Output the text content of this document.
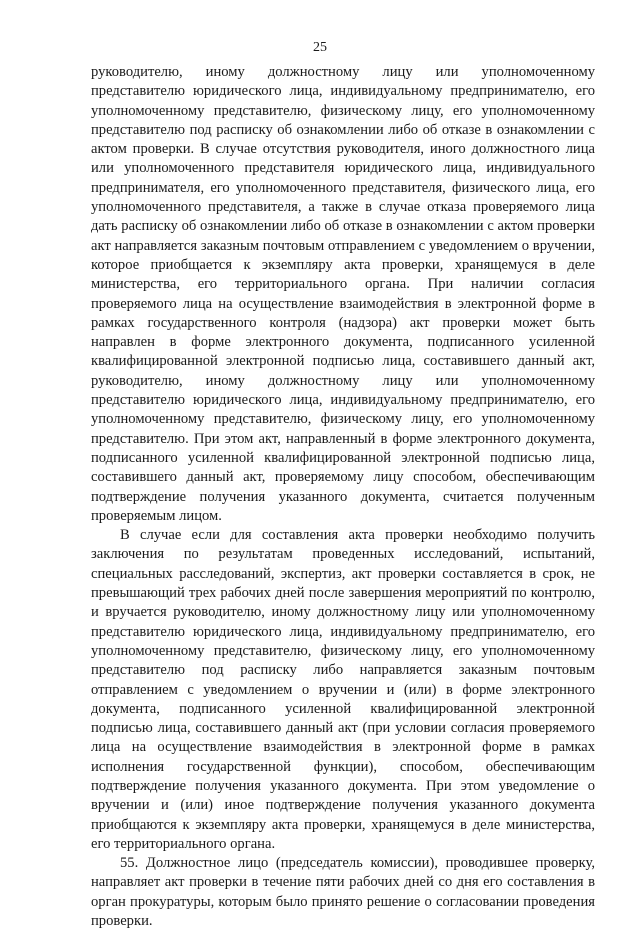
25

руководителю, иному должностному лицу или уполномоченному представителю юридического лица, индивидуальному предпринимателю, его уполномоченному представителю, физическому лицу, его уполномоченному представителю под расписку об ознакомлении либо об отказе в ознакомлении с актом проверки. В случае отсутствия руководителя, иного должностного лица или уполномоченного представителя юридического лица, индивидуального предпринимателя, его уполномоченного представителя, физического лица, его уполномоченного представителя, а также в случае отказа проверяемого лица дать расписку об ознакомлении либо об отказе в ознакомлении с актом проверки акт направляется заказным почтовым отправлением с уведомлением о вручении, которое приобщается к экземпляру акта проверки, хранящемуся в деле министерства, его территориального органа. При наличии согласия проверяемого лица на осуществление взаимодействия в электронной форме в рамках государственного контроля (надзора) акт проверки может быть направлен в форме электронного документа, подписанного усиленной квалифицированной электронной подписью лица, составившего данный акт, руководителю, иному должностному лицу или уполномоченному представителю юридического лица, индивидуальному предпринимателю, его уполномоченному представителю, физическому лицу, его уполномоченному представителю. При этом акт, направленный в форме электронного документа, подписанного усиленной квалифицированной электронной подписью лица, составившего данный акт, проверяемому лицу способом, обеспечивающим подтверждение получения указанного документа, считается полученным проверяемым лицом.

В случае если для составления акта проверки необходимо получить заключения по результатам проведенных исследований, испытаний, специальных расследований, экспертиз, акт проверки составляется в срок, не превышающий трех рабочих дней после завершения мероприятий по контролю, и вручается руководителю, иному должностному лицу или уполномоченному представителю юридического лица, индивидуальному предпринимателю, его уполномоченному представителю, физическому лицу, его уполномоченному представителю под расписку либо направляется заказным почтовым отправлением с уведомлением о вручении и (или) в форме электронного документа, подписанного усиленной квалифицированной электронной подписью лица, составившего данный акт (при условии согласия проверяемого лица на осуществление взаимодействия в электронной форме в рамках исполнения государственной функции), способом, обеспечивающим подтверждение получения указанного документа. При этом уведомление о вручении и (или) иное подтверждение получения указанного документа приобщаются к экземпляру акта проверки, хранящемуся в деле министерства, его территориального органа.

55. Должностное лицо (председатель комиссии), проводившее проверку, направляет акт проверки в течение пяти рабочих дней со дня его составления в орган прокуратуры, которым было принято решение о согласовании проведения проверки.
